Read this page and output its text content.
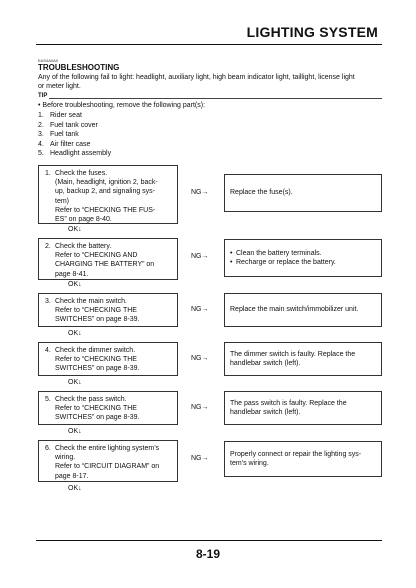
LIGHTING SYSTEM
EAS4A0A0
TROUBLESHOOTING
Any of the following fail to light: headlight, auxiliary light, high beam indicator light, taillight, license light
or meter light.
TIP
• Before troubleshooting, remove the following part(s):
1. Rider seat
2. Fuel tank cover
3. Fuel tank
4. Air filter case
5. Headlight assembly
1. Check the fuses.
(Main, headlight, ignition 2, back-
up, backup 2, and signaling sys-
tem)
Refer to “CHECKING THE FUS-
ES” on page 8-40.
NG→	Replace the fuse(s).
OK↓
2. Check the battery.
Refer to “CHECKING AND
CHARGING THE BATTERY” on
page 8-41.
NG→	• Clean the battery terminals.
• Recharge or replace the battery.
OK↓
3. Check the main switch.
Refer to “CHECKING THE
SWITCHES” on page 8-39.
NG→	Replace the main switch/immobilizer unit.
OK↓
4. Check the dimmer switch.
Refer to “CHECKING THE
SWITCHES” on page 8-39.
NG→
The dimmer switch is faulty. Replace the
handlebar switch (left).
OK↓
5. Check the pass switch.
Refer to “CHECKING THE
SWITCHES” on page 8-39.
NG→
The pass switch is faulty. Replace the
handlebar switch (left).
OK↓
6. Check the entire lighting system’s
wiring.
Refer to “CIRCUIT DIAGRAM” on
page 8-17.
NG→
Properly connect or repair the lighting sys-
tem’s wiring.
OK↓
8-19
